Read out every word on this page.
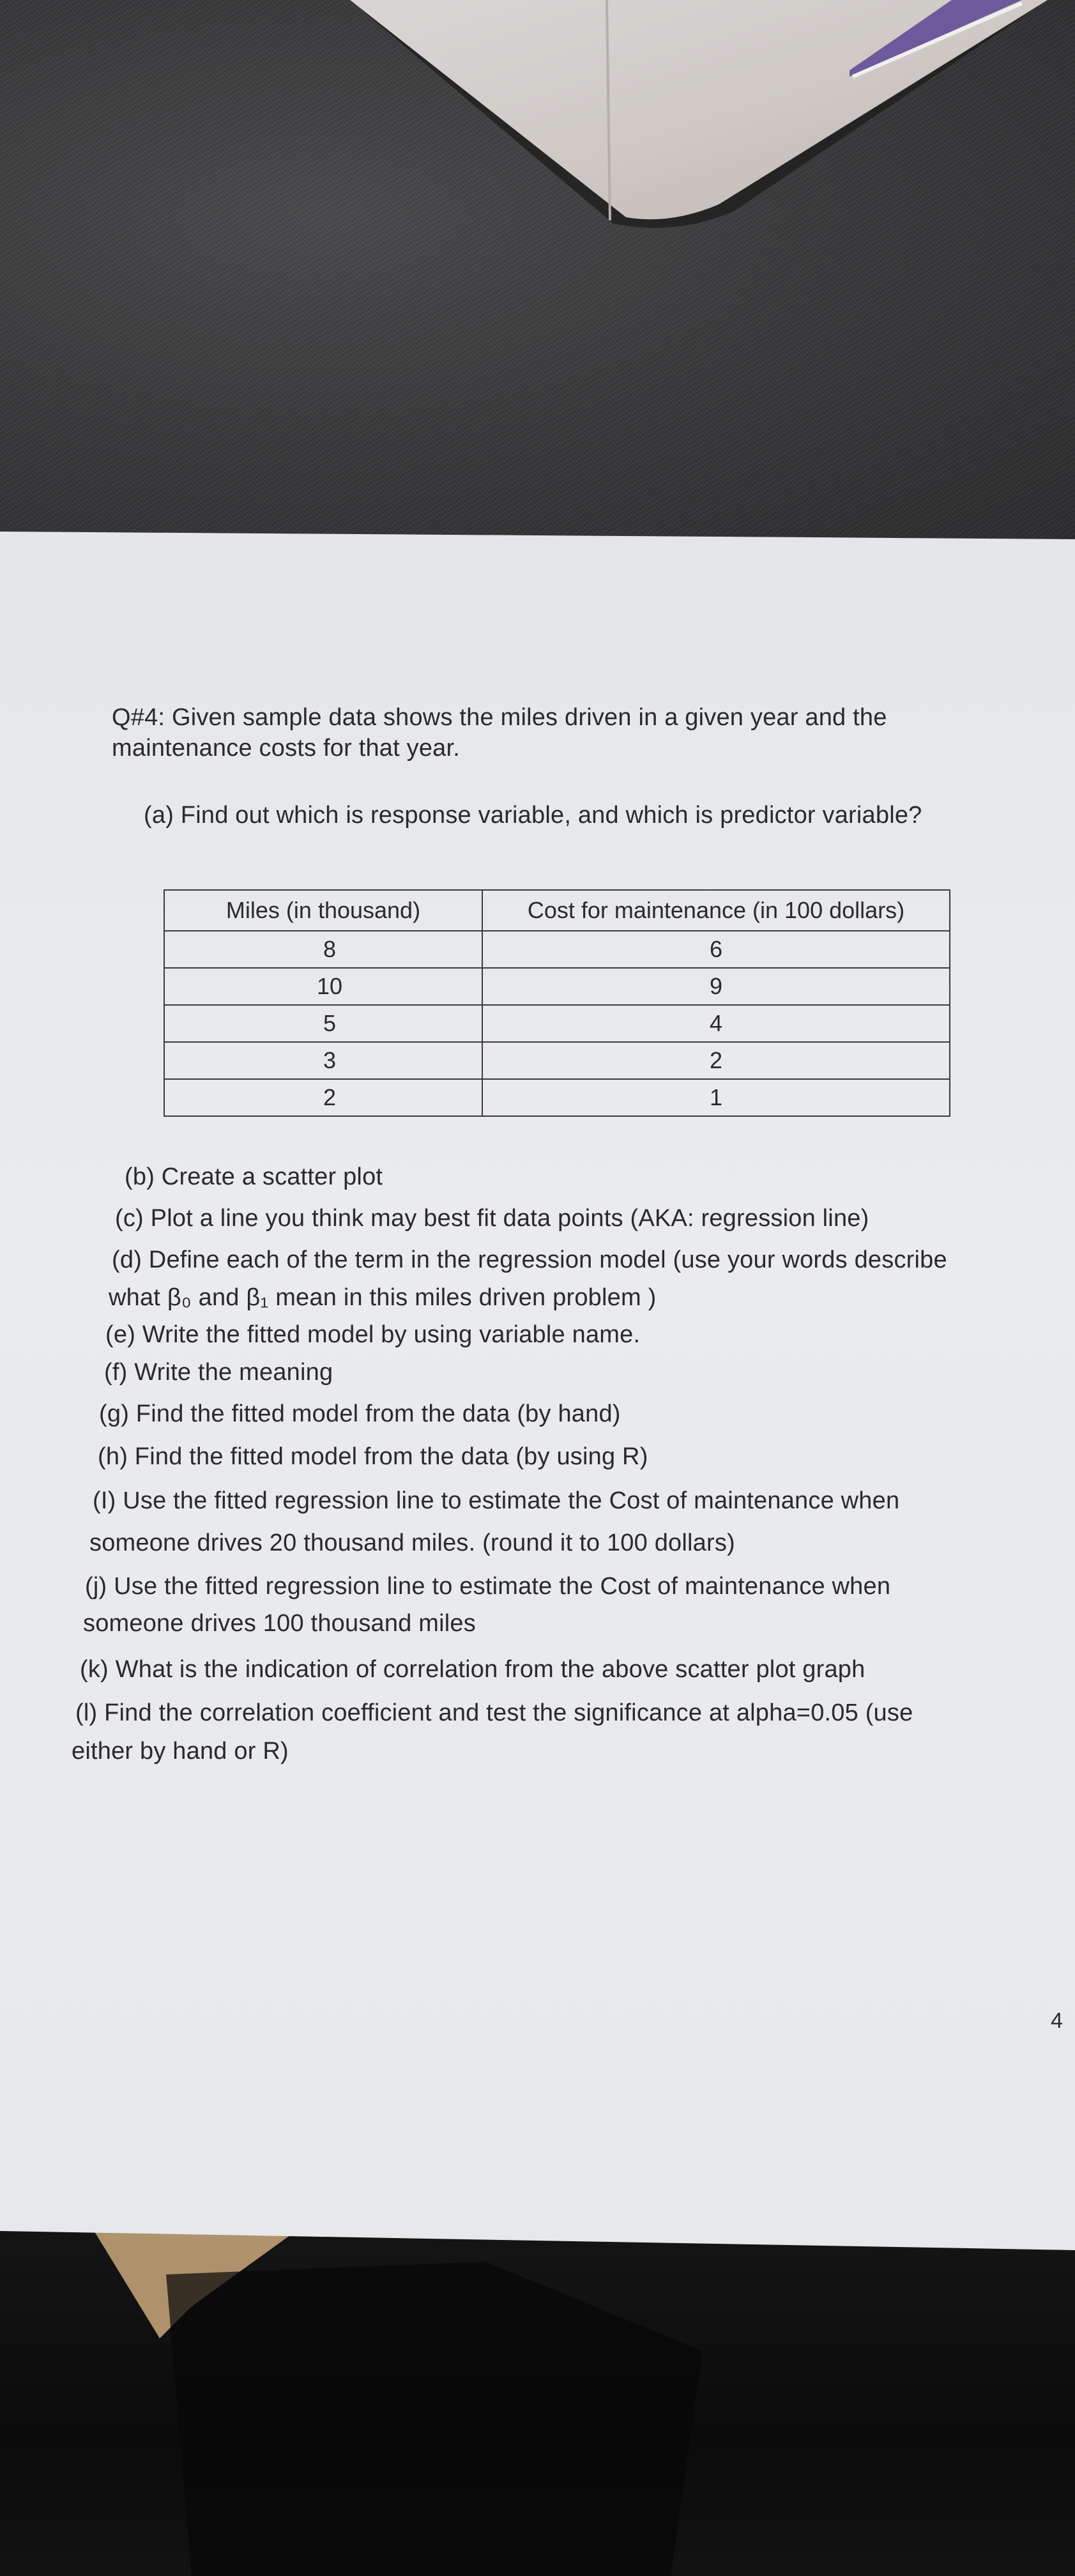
Q#4: Given sample data shows the miles driven in a given year and the
maintenance costs for that year.
(a) Find out which is response variable, and which is predictor variable?
Miles (in thousand)	Cost for maintenance (in 100 dollars)
8	6
10	9
5	4
3	2
2	1
(b) Create a scatter plot
(c) Plot a line you think may best fit data points (AKA: regression line)
(d) Define each of the term in the regression model (use your words describe
what β₀ and β₁ mean in this miles driven problem )
(e) Write the fitted model by using variable name.
(f) Write the meaning
(g) Find the fitted model from the data (by hand)
(h) Find the fitted model from the data (by using R)
(I) Use the fitted regression line to estimate the Cost of maintenance when
someone drives 20 thousand miles. (round it to 100 dollars)
(j) Use the fitted regression line to estimate the Cost of maintenance when
someone drives 100 thousand miles
(k) What is the indication of correlation from the above scatter plot graph
(l) Find the correlation coefficient and test the significance at alpha=0.05 (use
either by hand or R)
4
